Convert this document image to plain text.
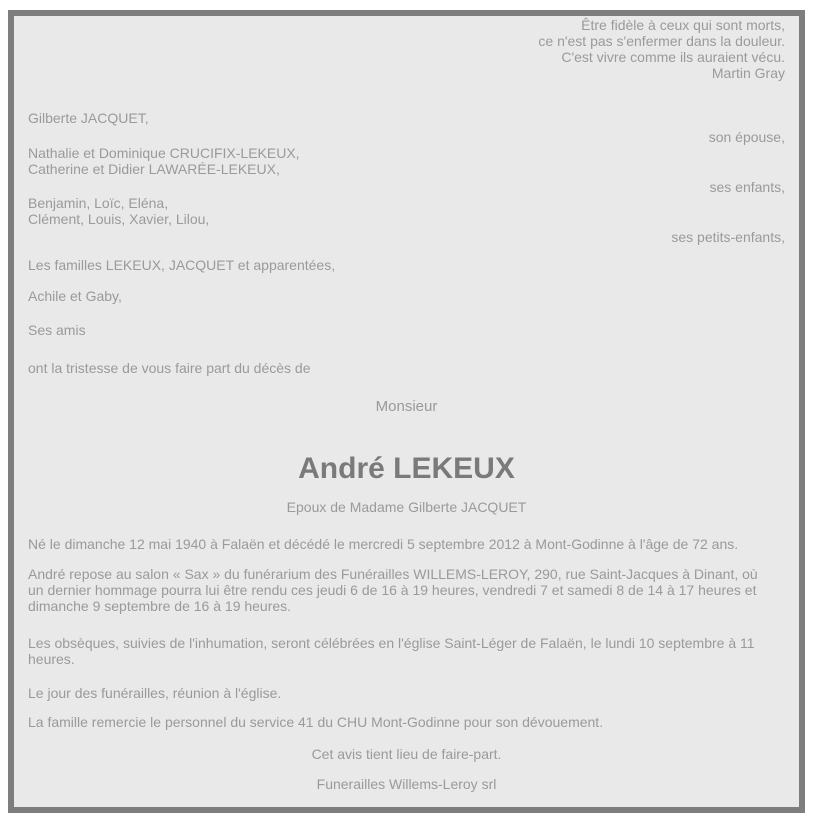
Être fidèle à ceux qui sont morts,
ce n'est pas s'enfermer dans la douleur.
C'est vivre comme ils auraient vécu.
Martin Gray
Gilberte JACQUET,
son épouse,
Nathalie et Dominique CRUCIFIX-LEKEUX,
Catherine et Didier LAWARÉE-LEKEUX,
ses enfants,
Benjamin, Loïc, Eléna,
Clément, Louis, Xavier, Lilou,
ses petits-enfants,
Les familles LEKEUX, JACQUET et apparentées,
Achile et Gaby,
Ses amis
ont la tristesse de vous faire part du décès de
Monsieur
André LEKEUX
Epoux de Madame Gilberte JACQUET
Né le dimanche 12 mai 1940 à Falaën et décédé le mercredi 5 septembre 2012 à Mont-Godinne à l'âge de 72 ans.
André repose au salon « Sax » du funérarium des Funérailles WILLEMS-LEROY, 290, rue Saint-Jacques à Dinant, où
un dernier hommage pourra lui être rendu ces jeudi 6 de 16 à 19 heures, vendredi 7 et samedi 8 de 14 à 17 heures et
dimanche 9 septembre de 16 à 19 heures.
Les obsèques, suivies de l'inhumation, seront célébrées en l'église Saint-Léger de Falaën, le lundi 10 septembre à 11
heures.
Le jour des funérailles, réunion à l'église.
La famille remercie le personnel du service 41 du CHU Mont-Godinne pour son dévouement.
Cet avis tient lieu de faire-part.
Funerailles Willems-Leroy srl
